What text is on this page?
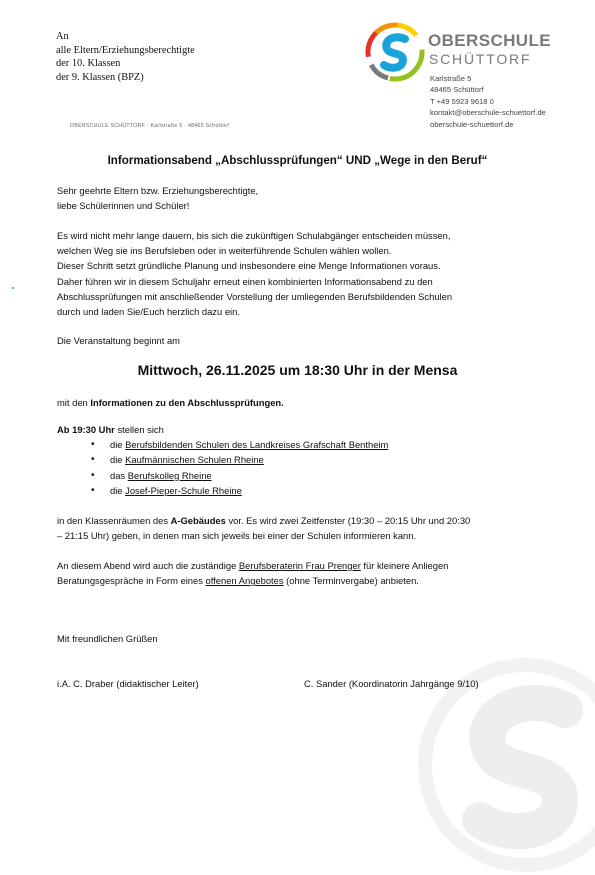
An
alle Eltern/Erziehungsberechtigte
der 10. Klassen
der 9. Klassen (BPZ)
OBERSCHULE SCHÜTTORF · Karlstraße 5 · 48465 Schüttorf
OBERSCHULE
SCHÜTTORF
Karlstraße 5
48465 Schüttorf
T +49 5923 9618 0
kontakt@oberschule-schuettorf.de
oberschule-schuettorf.de
Informationsabend „Abschlussprüfungen“ UND „Wege in den Beruf“
Sehr geehrte Eltern bzw. Erziehungsberechtigte,
liebe Schülerinnen und Schüler!
Es wird nicht mehr lange dauern, bis sich die zukünftigen Schulabgänger entscheiden müssen,
welchen Weg sie ins Berufsleben oder in weiterführende Schulen wählen wollen.
Dieser Schritt setzt gründliche Planung und insbesondere eine Menge Informationen voraus.
Daher führen wir in diesem Schuljahr erneut einen kombinierten Informationsabend zu den
Abschlussprüfungen mit anschließender Vorstellung der umliegenden Berufsbildenden Schulen
durch und laden Sie/Euch herzlich dazu ein.
Die Veranstaltung beginnt am
Mittwoch, 26.11.2025 um 18:30 Uhr in der Mensa
mit den Informationen zu den Abschlussprüfungen.
Ab 19:30 Uhr stellen sich
• die Berufsbildenden Schulen des Landkreises Grafschaft Bentheim
• die Kaufmännischen Schulen Rheine
• das Berufskolleg Rheine
• die Josef-Pieper-Schule Rheine
in den Klassenräumen des A-Gebäudes vor. Es wird zwei Zeitfenster (19:30 – 20:15 Uhr und 20:30
– 21:15 Uhr) geben, in denen man sich jeweils bei einer der Schulen informieren kann.
An diesem Abend wird auch die zuständige Berufsberaterin Frau Prenger für kleinere Anliegen
Beratungsgespräche in Form eines offenen Angebotes (ohne Terminvergabe) anbieten.
Mit freundlichen Grüßen
i.A. C. Draber (didaktischer Leiter)	C. Sander (Koordinatorin Jahrgänge 9/10)
